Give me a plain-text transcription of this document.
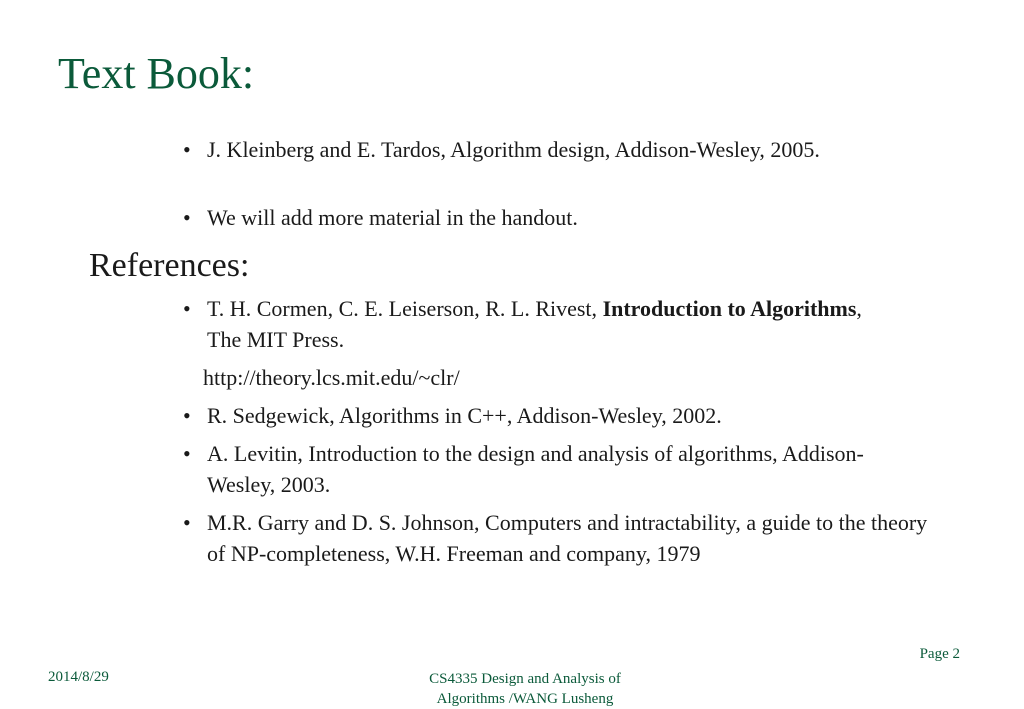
Text Book:
• J. Kleinberg and E. Tardos, Algorithm design, Addison-Wesley, 2005.
• We will add more material in the handout.
References:
• T. H. Cormen, C. E. Leiserson, R. L. Rivest, Introduction to Algorithms, The MIT Press.
http://theory.lcs.mit.edu/~clr/
• R. Sedgewick, Algorithms in C++, Addison-Wesley, 2002.
• A. Levitin, Introduction to the design and analysis of algorithms, Addison-Wesley, 2003.
• M.R. Garry and D. S. Johnson, Computers and intractability, a guide to the theory of NP-completeness, W.H. Freeman and company, 1979
Page 2
2014/8/29	CS4335 Design and Analysis of
Algorithms /WANG Lusheng
